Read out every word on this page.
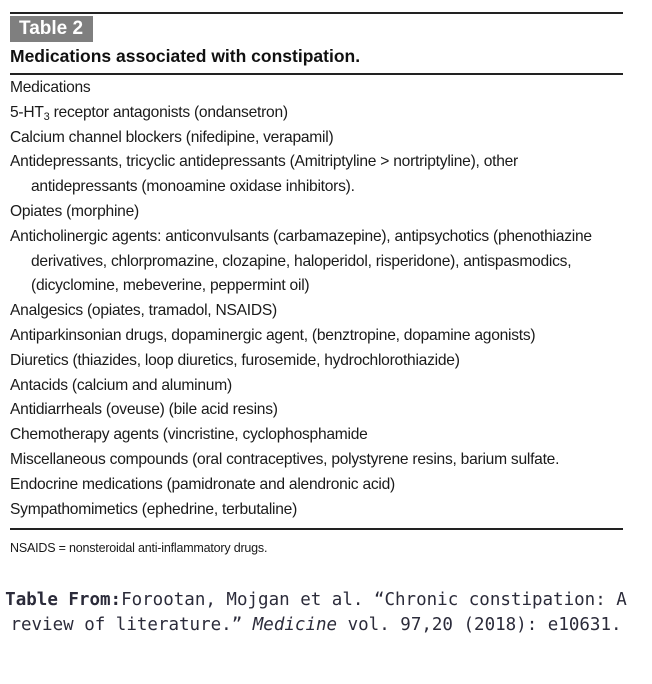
Table 2
Medications associated with constipation.
Medications
$5-HT_3$ receptor antagonists (ondansetron)
Calcium channel blockers (nifedipine, verapamil)
Antidepressants, tricyclic antidepressants (Amitriptyline > nortriptyline), other
antidepressants (monoamine oxidase inhibitors).
Opiates (morphine)
Anticholinergic agents: anticonvulsants (carbamazepine), antipsychotics (phenothiazine
derivatives, chlorpromazine, clozapine, haloperidol, risperidone), antispasmodics,
(dicyclomine, mebeverine, peppermint oil)
Analgesics (opiates, tramadol, NSAIDS)
Antiparkinsonian drugs, dopaminergic agent, (benztropine, dopamine agonists)
Diuretics (thiazides, loop diuretics, furosemide, hydrochlorothiazide)
Antacids (calcium and aluminum)
Antidiarrheals (oveuse) (bile acid resins)
Chemotherapy agents (vincristine, cyclophosphamide
Miscellaneous compounds (oral contraceptives, polystyrene resins, barium sulfate.
Endocrine medications (pamidronate and alendronic acid)
Sympathomimetics (ephedrine, terbutaline)
NSAIDS = nonsteroidal anti-inflammatory drugs.
Table From:Forootan, Mojgan et al. “Chronic constipation: A review of literature.” Medicine vol. 97,20 (2018): e10631.
